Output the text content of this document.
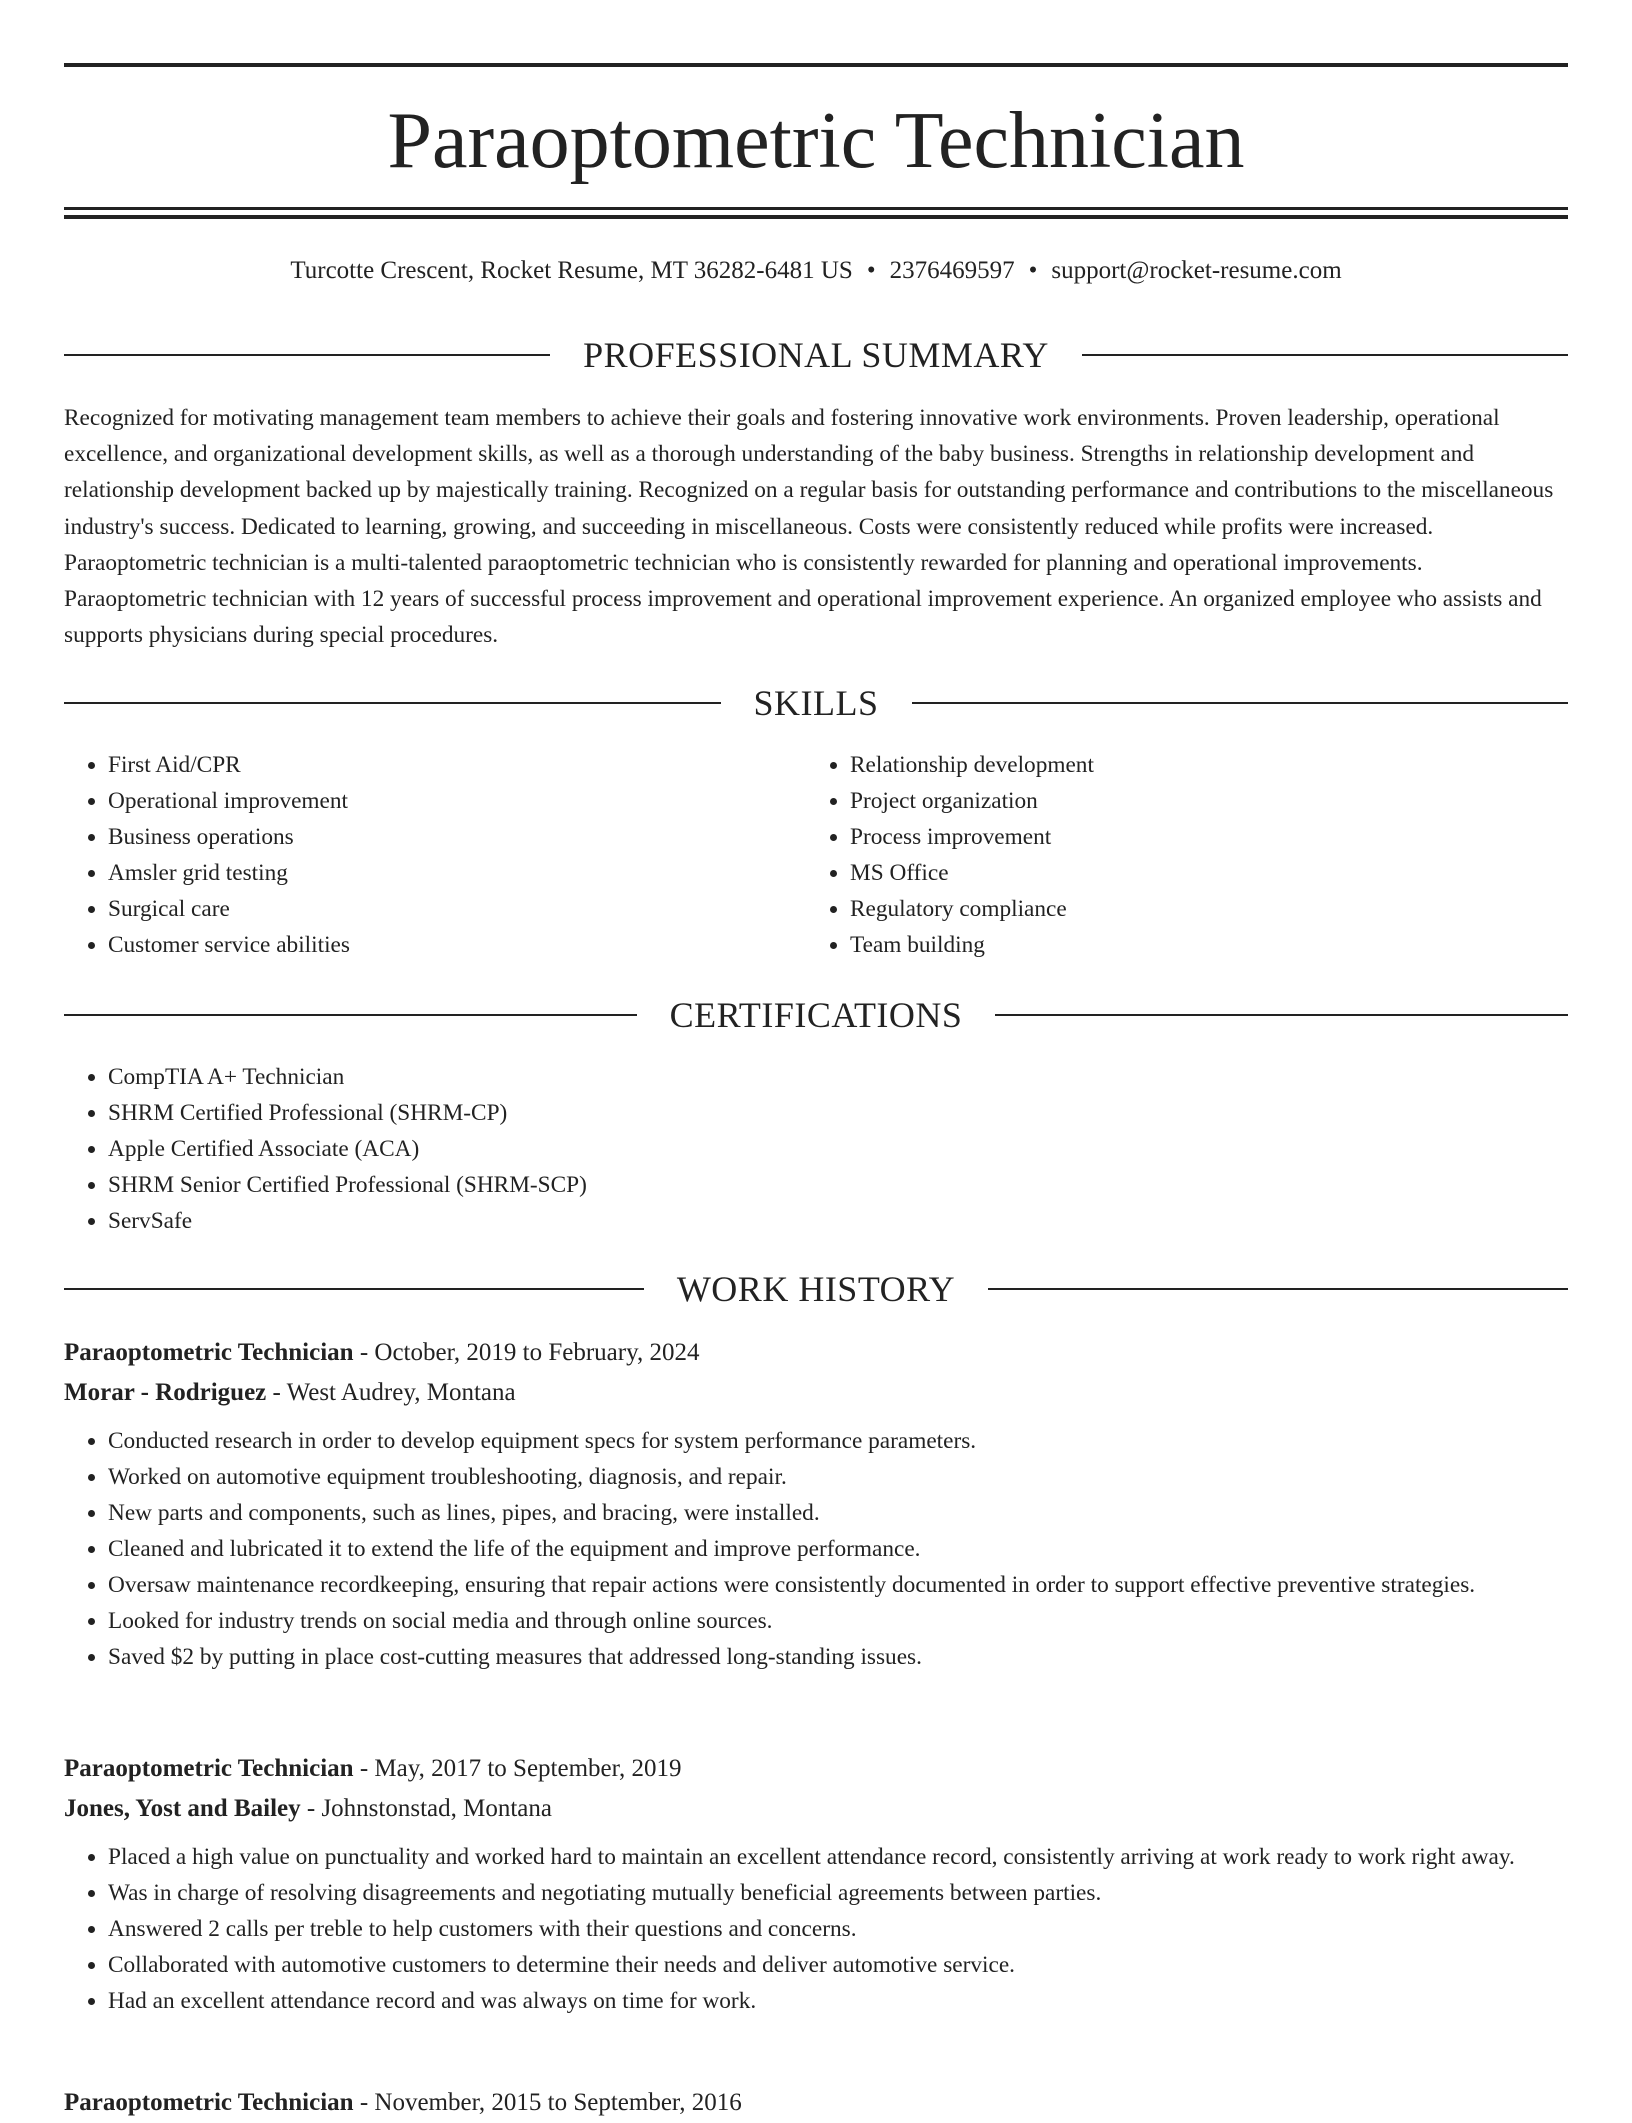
Paraoptometric Technician
Turcotte Crescent, Rocket Resume, MT 36282-6481 US • 2376469597 • support@rocket-resume.com
PROFESSIONAL SUMMARY

Recognized for motivating management team members to achieve their goals and fostering innovative work environments. Proven leadership, operational excellence, and organizational development skills, as well as a thorough understanding of the baby business. Strengths in relationship development and relationship development backed up by majestically training. Recognized on a regular basis for outstanding performance and contributions to the miscellaneous industry's success. Dedicated to learning, growing, and succeeding in miscellaneous. Costs were consistently reduced while profits were increased. Paraoptometric technician is a multi-talented paraoptometric technician who is consistently rewarded for planning and operational improvements. Paraoptometric technician with 12 years of successful process improvement and operational improvement experience. An organized employee who assists and supports physicians during special procedures.

SKILLS
• First Aid/CPR
• Operational improvement
• Business operations
• Amsler grid testing
• Surgical care
• Customer service abilities
• Relationship development
• Project organization
• Process improvement
• MS Office
• Regulatory compliance
• Team building
CERTIFICATIONS
• CompTIA A+ Technician
• SHRM Certified Professional (SHRM-CP)
• Apple Certified Associate (ACA)
• SHRM Senior Certified Professional (SHRM-SCP)
• ServSafe
WORK HISTORY
Paraoptometric Technician - October, 2019 to February, 2024
Morar - Rodriguez - West Audrey, Montana
• Conducted research in order to develop equipment specs for system performance parameters.
• Worked on automotive equipment troubleshooting, diagnosis, and repair.
• New parts and components, such as lines, pipes, and bracing, were installed.
• Cleaned and lubricated it to extend the life of the equipment and improve performance.
• Oversaw maintenance recordkeeping, ensuring that repair actions were consistently documented in order to support effective preventive strategies.
• Looked for industry trends on social media and through online sources.
• Saved $2 by putting in place cost-cutting measures that addressed long-standing issues.
Paraoptometric Technician - May, 2017 to September, 2019
Jones, Yost and Bailey - Johnstonstad, Montana
• Placed a high value on punctuality and worked hard to maintain an excellent attendance record, consistently arriving at work ready to work right away.
• Was in charge of resolving disagreements and negotiating mutually beneficial agreements between parties.
• Answered 2 calls per treble to help customers with their questions and concerns.
• Collaborated with automotive customers to determine their needs and deliver automotive service.
• Had an excellent attendance record and was always on time for work.
Paraoptometric Technician - November, 2015 to September, 2016
